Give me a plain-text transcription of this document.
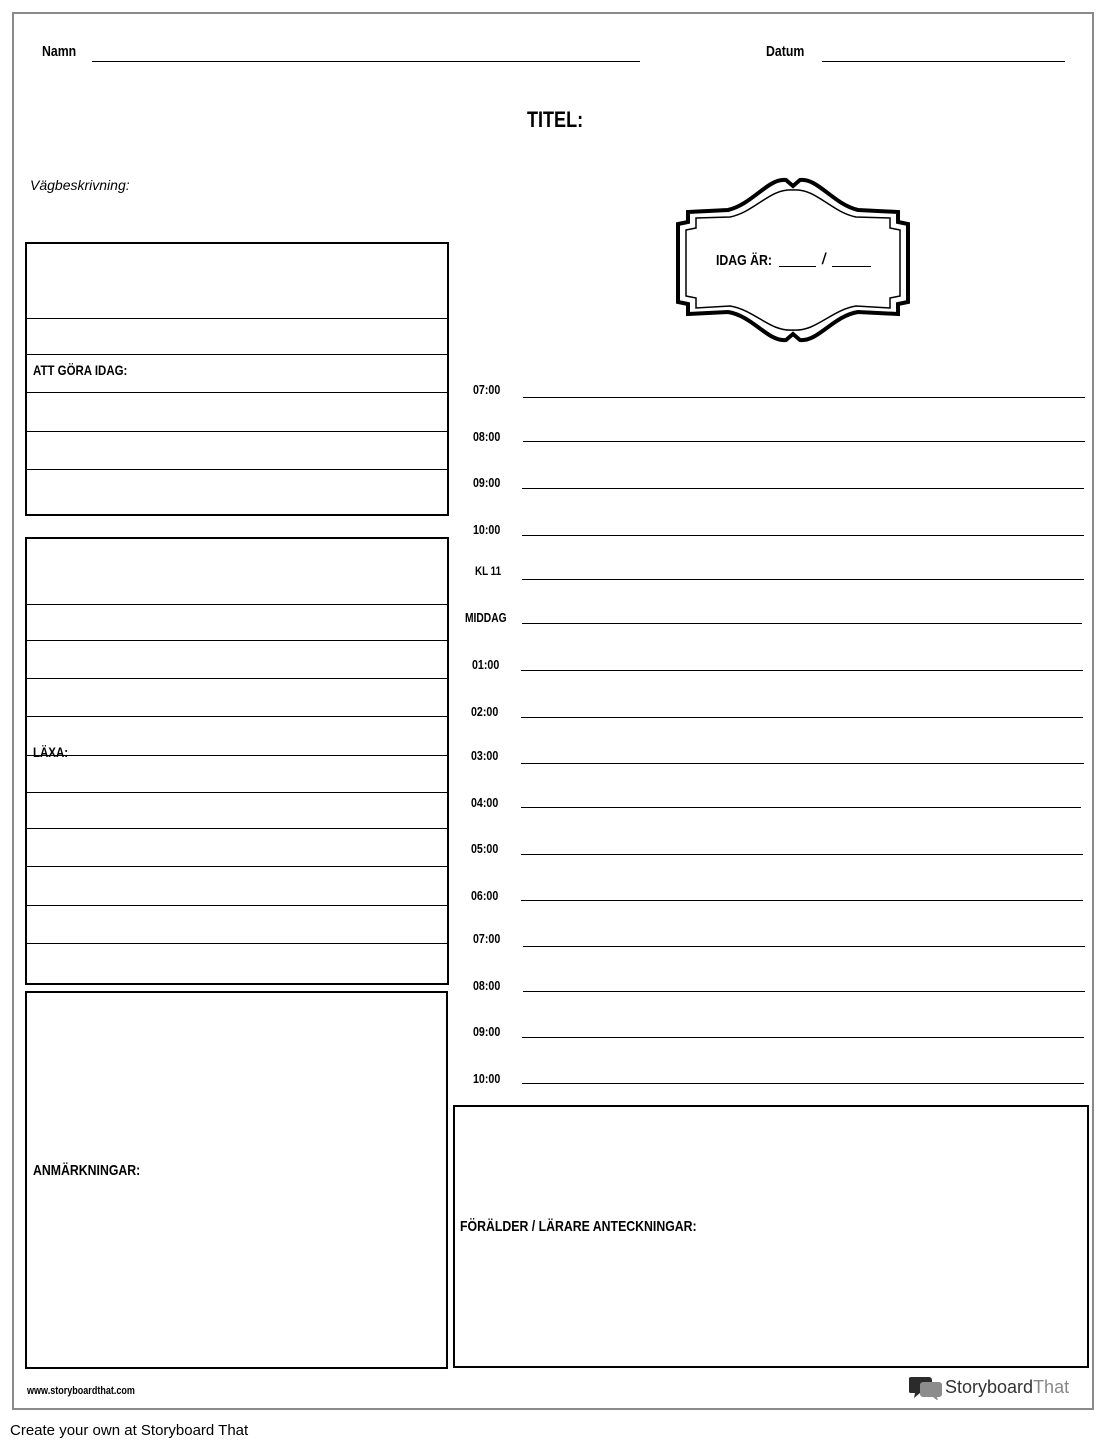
Namn	Datum
TITEL:
Vägbeskrivning:
IDAG ÄR:	/
ATT GÖRA IDAG:
LÄXA:
ANMÄRKNINGAR:
07:00
08:00
09:00
10:00
KL 11
MIDDAG
01:00
02:00
03:00
04:00
05:00
06:00
07:00
08:00
09:00
10:00
FÖRÄLDER / LÄRARE ANTECKNINGAR:
www.storyboardthat.com	Storyboard That
Create your own at Storyboard That
